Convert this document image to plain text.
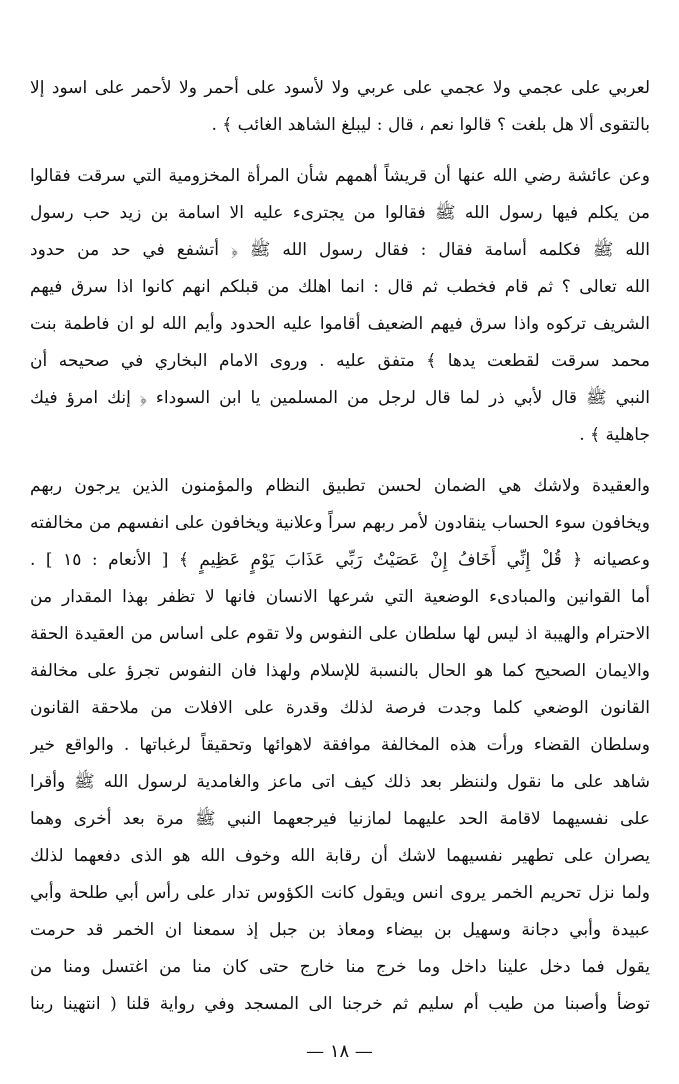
لعربي على عجمي ولا عجمي على عربي ولا لأسود على أحمر ولا لأحمر على اسود إلا
بالتقوى ألا هل بلغت ؟ قالوا نعم ، قال : ليبلغ الشاهد الغائب ﴾ .
وعن عائشة رضي الله عنها أن قريشاً أهمهم شأن المرأة المخزومية التي سرقت فقالوا
من يكلم فيها رسول الله ﷺ فقالوا من يجترىء عليه الا اسامة بن زيد حب رسول
الله ﷺ فكلمه أسامة فقال : فقال رسول الله ﷺ ﴿ أتشفع في حد من حدود
الله تعالى ؟ ثم قام فخطب ثم قال : انما اهلك من قبلكم انهم كانوا اذا سرق فيهم
الشريف تركوه واذا سرق فيهم الضعيف أقاموا عليه الحدود وأيم الله لو ان فاطمة بنت
محمد سرقت لقطعت يدها ﴾ متفق عليه . وروى الامام البخاري في صحيحه أن
النبي ﷺ قال لأبي ذر لما قال لرجل من المسلمين يا ابن السوداء ﴿ إنك امرؤ فيك
جاهلية ﴾ .
والعقيدة ولاشك هي الضمان لحسن تطبيق النظام والمؤمنون الذين يرجون ربهم
ويخافون سوء الحساب ينقادون لأمر ربهم سراً وعلانية ويخافون على انفسهم من مخالفته
وعصيانه ﴿ قُلْ إِنِّي أَخَافُ إِنْ عَصَيْتُ رَبِّي عَذَابَ يَوْمٍ عَظِيمٍ ﴾ [ الأنعام : ١٥ ] .
أما القوانين والمبادىء الوضعية التي شرعها الانسان فانها لا تظفر بهذا المقدار من
الاحترام والهيبة اذ ليس لها سلطان على النفوس ولا تقوم على اساس من العقيدة الحقة
والايمان الصحيح كما هو الحال بالنسبة للإسلام ولهذا فان النفوس تجرؤ على مخالفة
القانون الوضعي كلما وجدت فرصة لذلك وقدرة على الافلات من ملاحقة القانون
وسلطان القضاء ورأت هذه المخالفة موافقة لاهوائها وتحقيقاً لرغباتها . والواقع خير
شاهد على ما نقول ولننظر بعد ذلك كيف اتى ماعز والغامدية لرسول الله ﷺ وأقرا
على نفسيهما لاقامة الحد عليهما لمازنيا فيرجعهما النبي ﷺ مرة بعد أخرى وهما
يصران على تطهير نفسيهما لاشك أن رقابة الله وخوف الله هو الذى دفعهما لذلك
ولما نزل تحريم الخمر يروى انس ويقول كانت الكؤوس تدار على رأس أبي طلحة وأبي
عبيدة وأبي دجانة وسهيل بن بيضاء ومعاذ بن جبل إذ سمعنا ان الخمر قد حرمت
يقول فما دخل علينا داخل وما خرج منا خارج حتى كان منا من اغتسل ومنا من
توضأ وأصبنا من طيب أم سليم ثم خرجنا الى المسجد وفي رواية قلنا ( انتهينا ربنا
— ١٨ —
